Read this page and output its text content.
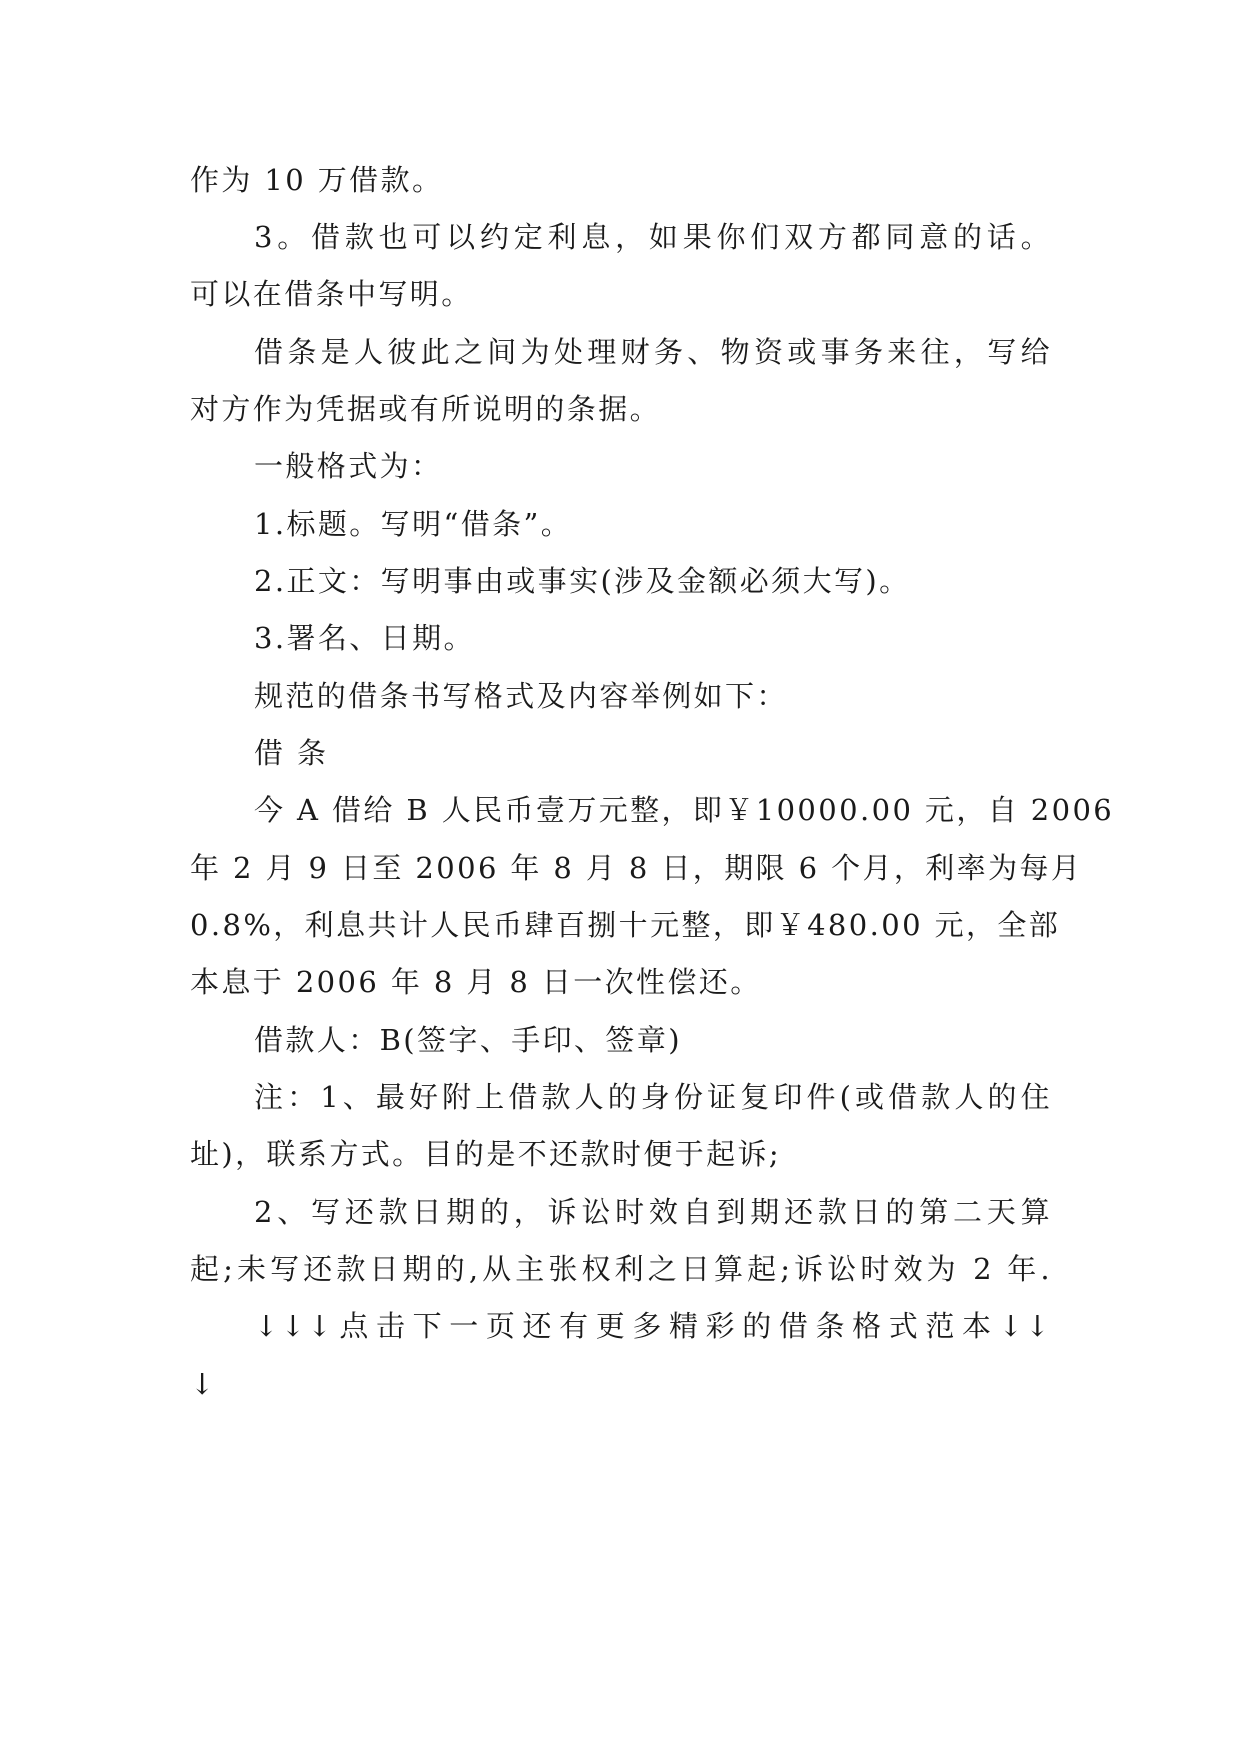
作为 10 万借款。
3。借款也可以约定利息，如果你们双方都同意的话。
可以在借条中写明。
借条是人彼此之间为处理财务、物资或事务来往，写给
对方作为凭据或有所说明的条据。
一般格式为：
1.标题。写明“借条”。
2.正文：写明事由或事实(涉及金额必须大写)。
3.署名、日期。
规范的借条书写格式及内容举例如下：
借 条
今 A 借给 B 人民币壹万元整，即￥10000.00 元，自 2006
年 2 月 9 日至 2006 年 8 月 8 日，期限 6 个月，利率为每月
0.8%，利息共计人民币肆百捌十元整，即￥480.00 元，全部
本息于 2006 年 8 月 8 日一次性偿还。
借款人：B(签字、手印、签章)
注：1、最好附上借款人的身份证复印件(或借款人的住
址)，联系方式。目的是不还款时便于起诉;
2、写还款日期的，诉讼时效自到期还款日的第二天算
起;未写还款日期的,从主张权利之日算起;诉讼时效为 2 年.
↓↓↓点击下一页还有更多精彩的借条格式范本↓↓
↓
